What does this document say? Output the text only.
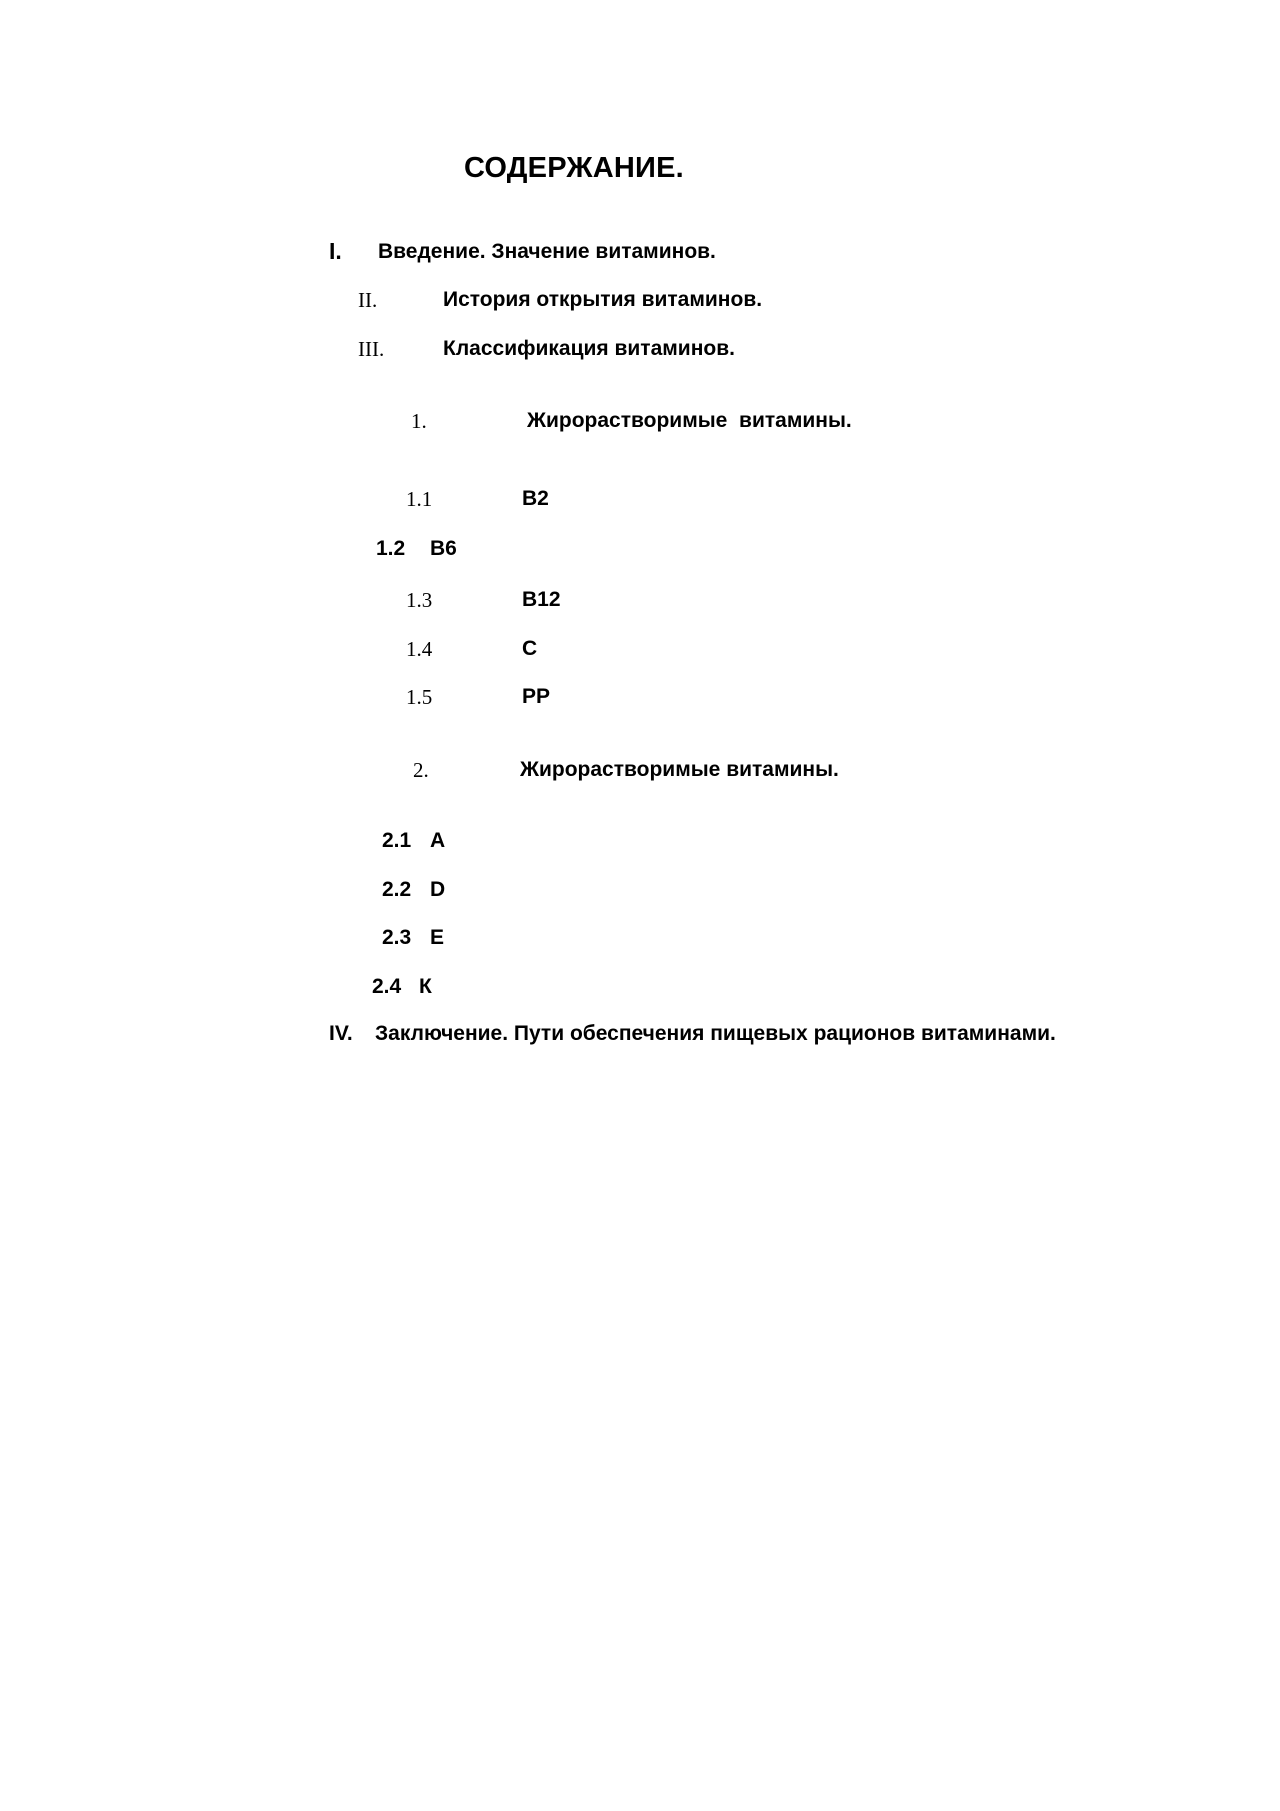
СОДЕРЖАНИЕ.
I. Введение. Значение витаминов.
II.	История открытия витаминов.
III.	Классификация витаминов.
1.	Жирорастворимые  витамины.
1.1	В2
1.2 В6
1.3	В12
1.4	С
1.5	РР
2.	Жирорастворимые витамины.
2.1 А
2.2 D
2.3 Е
2.4 К
IV. Заключение. Пути обеспечения пищевых рационов витаминами.
